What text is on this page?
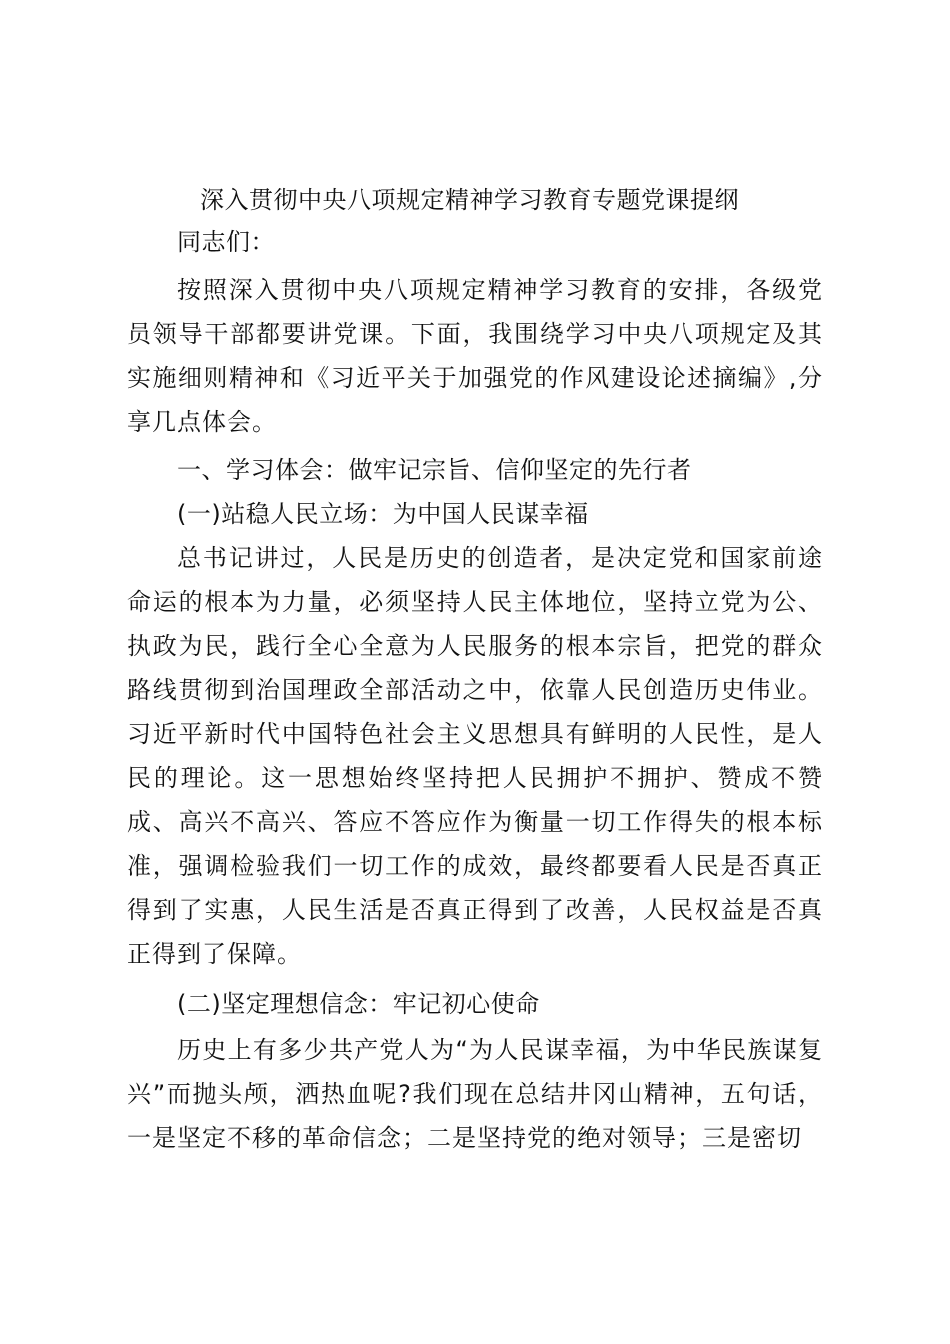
深入贯彻中央八项规定精神学习教育专题党课提纲

同志们：

按照深入贯彻中央八项规定精神学习教育的安排，各级党员领导干部都要讲党课。下面，我围绕学习中央八项规定及其实施细则精神和《习近平关于加强党的作风建设论述摘编》,分享几点体会。

一、学习体会：做牢记宗旨、信仰坚定的先行者

(一)站稳人民立场：为中国人民谋幸福

总书记讲过，人民是历史的创造者，是决定党和国家前途命运的根本为力量，必须坚持人民主体地位，坚持立党为公、执政为民，践行全心全意为人民服务的根本宗旨，把党的群众路线贯彻到治国理政全部活动之中，依靠人民创造历史伟业。习近平新时代中国特色社会主义思想具有鲜明的人民性，是人民的理论。这一思想始终坚持把人民拥护不拥护、赞成不赞成、高兴不高兴、答应不答应作为衡量一切工作得失的根本标准，强调检验我们一切工作的成效，最终都要看人民是否真正得到了实惠，人民生活是否真正得到了改善，人民权益是否真正得到了保障。

(二)坚定理想信念：牢记初心使命

历史上有多少共产党人为“为人民谋幸福，为中华民族谋复兴”而抛头颅，洒热血呢?我们现在总结井冈山精神，五句话，一是坚定不移的革命信念；二是坚持党的绝对领导；三是密切
